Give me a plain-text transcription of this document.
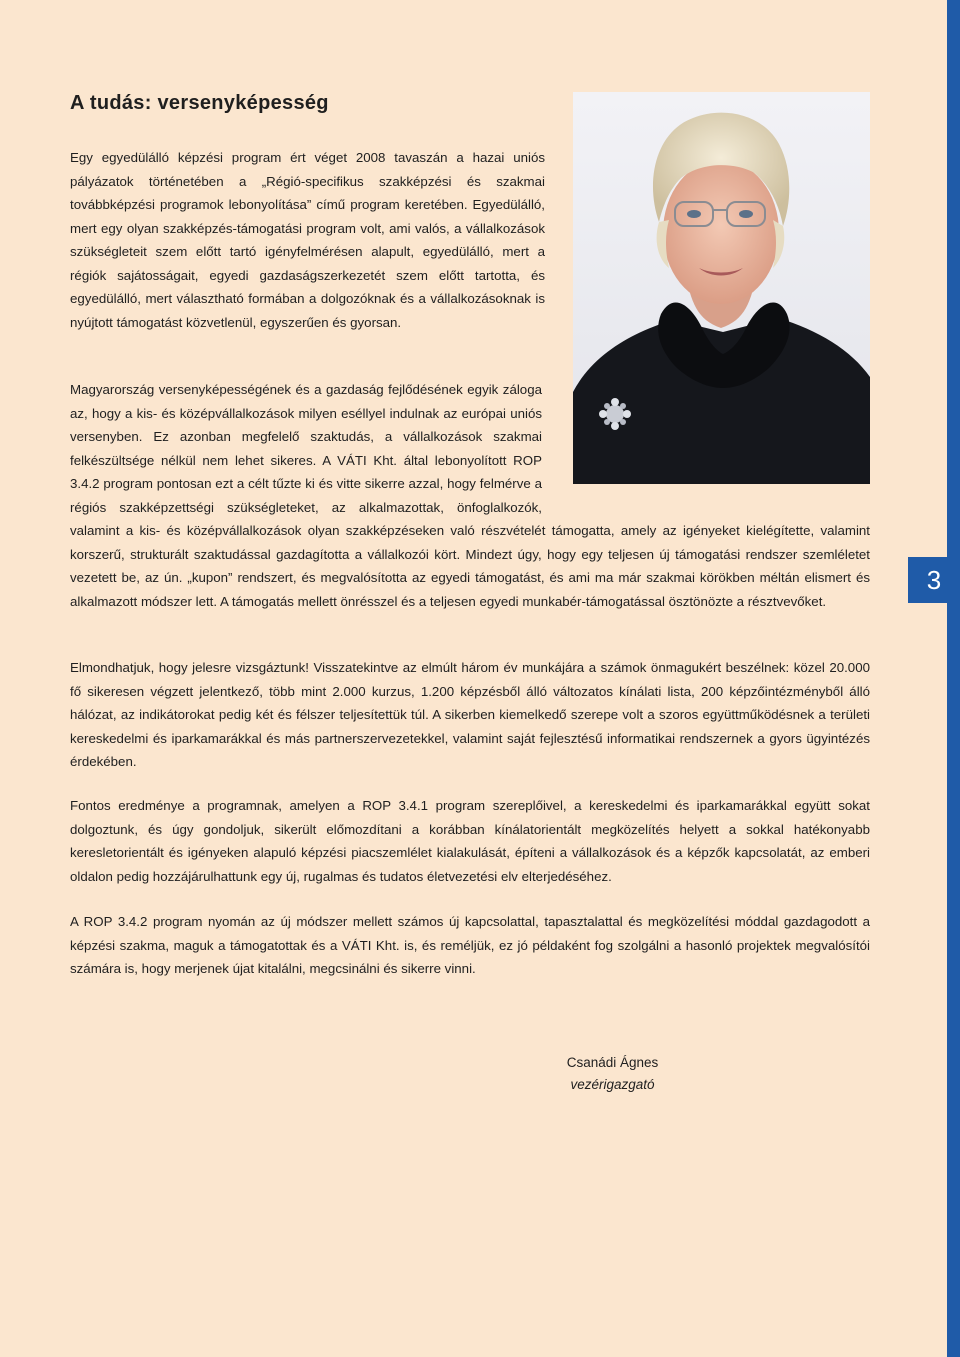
3
A tudás: versenyképesség

Egy egyedülálló képzési program ért véget 2008 tavaszán a hazai uniós pályázatok történetében a „Régió-specifikus szakképzési és szakmai továbbképzési programok lebonyolítása” című program keretében. Egyedülálló, mert egy olyan szakképzés-támogatási program volt, ami valós, a vállalkozások szükségleteit szem előtt tartó igényfelmérésen alapult, egyedülálló, mert a régiók sajátosságait, egyedi gazdaságszerkezetét szem előtt tartotta, és egyedülálló, mert választható formában a dolgozóknak és a vállalkozásoknak is nyújtott támogatást közvetlenül, egyszerűen és gyorsan.

Magyarország versenyképességének és a gazdaság fejlődésének egyik záloga az, hogy a kis- és középvállalkozások milyen eséllyel indulnak az európai uniós versenyben. Ez azonban megfelelő szaktudás, a vállalkozások szakmai felkészültsége nélkül nem lehet sikeres. A VÁTI Kht. által lebonyolított ROP 3.4.2 program pontosan ezt a célt tűzte ki és vitte sikerre azzal, hogy felmérve a régiós szakképzettségi szükségleteket, az alkalmazottak, önfoglalkozók, valamint a kis- és középvállalkozások olyan szakképzéseken való részvételét támogatta, amely az igényeket kielégítette, valamint korszerű, strukturált szaktudással gazdagította a vállalkozói kört. Mindezt úgy, hogy egy teljesen új támogatási rendszer szemléletet vezetett be, az ún. „kupon” rendszert, és megvalósította az egyedi támogatást, és ami ma már szakmai körökben méltán elismert és alkalmazott módszer lett. A támogatás mellett önrésszel és a teljesen egyedi munkabér-támogatással ösztönözte a résztvevőket.

Elmondhatjuk, hogy jelesre vizsgáztunk! Visszatekintve az elmúlt három év munkájára a számok önmagukért beszélnek: közel 20.000 fő sikeresen végzett jelentkező, több mint 2.000 kurzus, 1.200 képzésből álló változatos kínálati lista, 200 képzőintézményből álló hálózat, az indikátorokat pedig két és félszer teljesítettük túl. A sikerben kiemelkedő szerepe volt a szoros együttműködésnek a területi kereskedelmi és iparkamarákkal és más partnerszervezetekkel, valamint saját fejlesztésű informatikai rendszernek a gyors ügyintézés érdekében.

Fontos eredménye a programnak, amelyen a ROP 3.4.1 program szereplőivel, a kereskedelmi és iparkamarákkal együtt sokat dolgoztunk, és úgy gondoljuk, sikerült előmozdítani a korábban kínálatorientált megközelítés helyett a sokkal hatékonyabb keresletorientált és igényeken alapuló képzési piacszemlélet kialakulását, építeni a vállalkozások és a képzők kapcsolatát, az emberi oldalon pedig hozzájárulhattunk egy új, rugalmas és tudatos életvezetési elv elterjedéséhez.

A ROP 3.4.2 program nyomán az új módszer mellett számos új kapcsolattal, tapasztalattal és megközelítési móddal gazdagodott a képzési szakma, maguk a támogatottak és a VÁTI Kht. is, és reméljük, ez jó példaként fog szolgálni a hasonló projektek megvalósítói számára is, hogy merjenek újat kitalálni, megcsinálni és sikerre vinni.

Csanádi Ágnes

vezérigazgató
